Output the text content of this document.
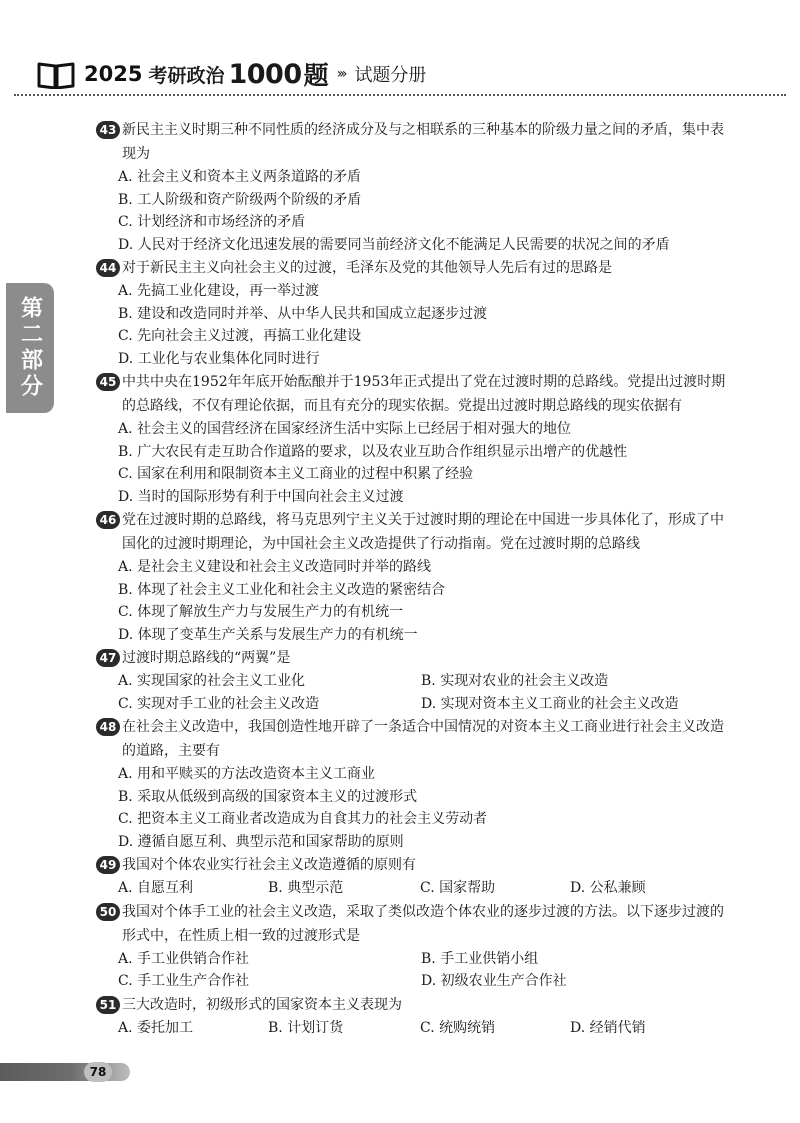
2025 考研政治 1000 题 ››› 试题分册
第二部分
43 新民主主义时期三种不同性质的经济成分及与之相联系的三种基本的阶级力量之间的矛盾，集中表现为
A. 社会主义和资本主义两条道路的矛盾
B. 工人阶级和资产阶级两个阶级的矛盾
C. 计划经济和市场经济的矛盾
D. 人民对于经济文化迅速发展的需要同当前经济文化不能满足人民需要的状况之间的矛盾
44 对于新民主主义向社会主义的过渡，毛泽东及党的其他领导人先后有过的思路是
A. 先搞工业化建设，再一举过渡
B. 建设和改造同时并举、从中华人民共和国成立起逐步过渡
C. 先向社会主义过渡，再搞工业化建设
D. 工业化与农业集体化同时进行
45 中共中央在1952年年底开始酝酿并于1953年正式提出了党在过渡时期的总路线。党提出过渡时期的总路线，不仅有理论依据，而且有充分的现实依据。党提出过渡时期总路线的现实依据有
A. 社会主义的国营经济在国家经济生活中实际上已经居于相对强大的地位
B. 广大农民有走互助合作道路的要求，以及农业互助合作组织显示出增产的优越性
C. 国家在利用和限制资本主义工商业的过程中积累了经验
D. 当时的国际形势有利于中国向社会主义过渡
46 党在过渡时期的总路线，将马克思列宁主义关于过渡时期的理论在中国进一步具体化了，形成了中国化的过渡时期理论，为中国社会主义改造提供了行动指南。党在过渡时期的总路线
A. 是社会主义建设和社会主义改造同时并举的路线
B. 体现了社会主义工业化和社会主义改造的紧密结合
C. 体现了解放生产力与发展生产力的有机统一
D. 体现了变革生产关系与发展生产力的有机统一
47 过渡时期总路线的“两翼”是
A. 实现国家的社会主义工业化	B. 实现对农业的社会主义改造
C. 实现对手工业的社会主义改造	D. 实现对资本主义工商业的社会主义改造
48 在社会主义改造中，我国创造性地开辟了一条适合中国情况的对资本主义工商业进行社会主义改造的道路，主要有
A. 用和平赎买的方法改造资本主义工商业
B. 采取从低级到高级的国家资本主义的过渡形式
C. 把资本主义工商业者改造成为自食其力的社会主义劳动者
D. 遵循自愿互利、典型示范和国家帮助的原则
49 我国对个体农业实行社会主义改造遵循的原则有
A. 自愿互利	B. 典型示范	C. 国家帮助	D. 公私兼顾
50 我国对个体手工业的社会主义改造，采取了类似改造个体农业的逐步过渡的方法。以下逐步过渡的形式中，在性质上相一致的过渡形式是
A. 手工业供销合作社	B. 手工业供销小组
C. 手工业生产合作社	D. 初级农业生产合作社
51 三大改造时，初级形式的国家资本主义表现为
A. 委托加工	B. 计划订货	C. 统购统销	D. 经销代销
78
